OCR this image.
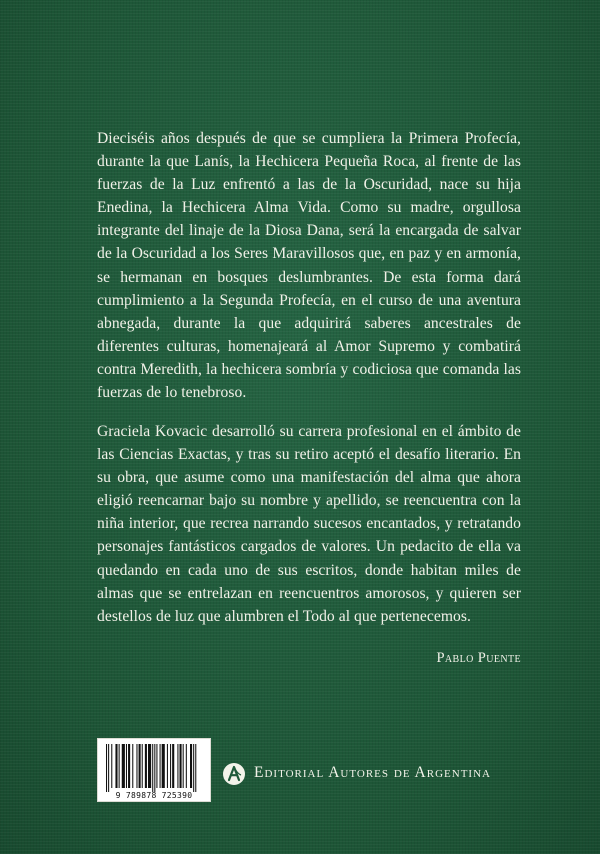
Dieciséis años después de que se cumpliera la Primera Profecía, durante la que Lanís, la Hechicera Pequeña Roca, al frente de las fuerzas de la Luz enfrentó a las de la Oscuridad, nace su hija Enedina, la Hechicera Alma Vida. Como su madre, orgullosa integrante del linaje de la Diosa Dana, será la encargada de salvar de la Oscuridad a los Seres Maravillosos que, en paz y en armonía, se hermanan en bosques deslumbrantes. De esta forma dará cumplimiento a la Segunda Profecía, en el curso de una aventura abnegada, durante la que adquirirá saberes ancestrales de diferentes culturas, homenajeará al Amor Supremo y combatirá contra Meredith, la hechicera sombría y codiciosa que comanda las fuerzas de lo tenebroso.

Graciela Kovacic desarrolló su carrera profesional en el ámbito de las Ciencias Exactas, y tras su retiro aceptó el desafío literario. En su obra, que asume como una manifestación del alma que ahora eligió reencarnar bajo su nombre y apellido, se reencuentra con la niña interior, que recrea narrando sucesos encantados, y retratando personajes fantásticos cargados de valores. Un pedacito de ella va quedando en cada uno de sus escritos, donde habitan miles de almas que se entrelazan en reencuentros amorosos, y quieren ser destellos de luz que alumbren el Todo al que pertenecemos.

Pablo Puente

9 789878 725390

Editorial Autores de Argentina
